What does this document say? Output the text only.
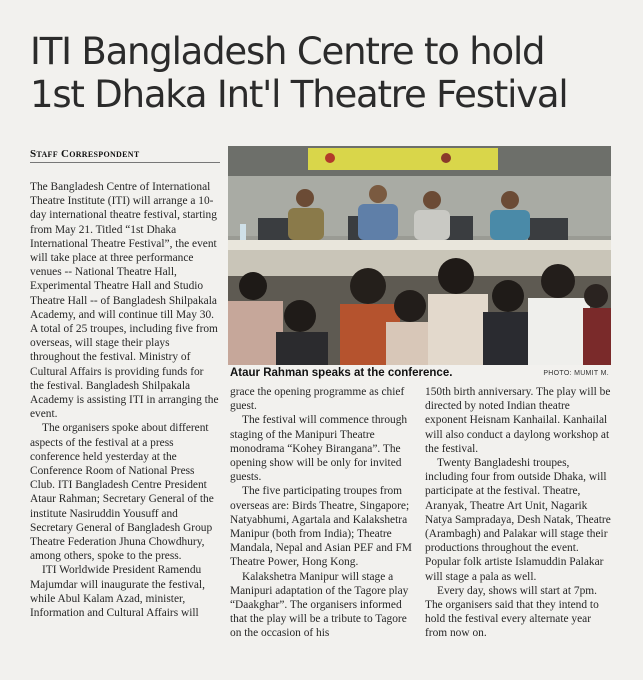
ITI Bangladesh Centre to hold
1st Dhaka Int'l Theatre Festival
Staff Correspondent

The Bangladesh Centre of International Theatre Institute (ITI) will arrange a 10-day international theatre festival, starting from May 21. Titled “1st Dhaka International Theatre Festival”, the event will take place at three performance venues -- National Theatre Hall, Experimental Theatre Hall and Studio Theatre Hall -- of Bangladesh Shilpakala Academy, and will continue till May 30. A total of 25 troupes, including five from overseas, will stage their plays throughout the festival. Ministry of Cultural Affairs is providing funds for the festival. Bangladesh Shilpakala Academy is assisting ITI in arranging the event.

The organisers spoke about different aspects of the festival at a press conference held yesterday at the Conference Room of National Press Club. ITI Bangladesh Centre President Ataur Rahman; Secretary General of the institute Nasiruddin Yousuff and Secretary General of Bangladesh Group Theatre Federation Jhuna Chowdhury, among others, spoke to the press.

ITI Worldwide President Ramendu Majumdar will inaugurate the festival, while Abul Kalam Azad, minister, Information and Cultural Affairs will

Ataur Rahman speaks at the conference.	PHOTO: MUMIT M.

grace the opening programme as chief guest.

The festival will commence through staging of the Manipuri Theatre monodrama “Kohey Birangana”. The opening show will be only for invited guests.

The five participating troupes from overseas are: Birds Theatre, Singapore; Natyabhumi, Agartala and Kalakshetra Manipur (both from India); Theatre Mandala, Nepal and Asian PEF and FM Theatre Power, Hong Kong.

Kalakshetra Manipur will stage a Manipuri adaptation of the Tagore play “Daakghar”. The organisers informed that the play will be a tribute to Tagore on the occasion of his

150th birth anniversary. The play will be directed by noted Indian theatre exponent Heisnam Kanhailal. Kanhailal will also conduct a daylong workshop at the festival.

Twenty Bangladeshi troupes, including four from outside Dhaka, will participate at the festival. Theatre, Aranyak, Theatre Art Unit, Nagarik Natya Sampradaya, Desh Natak, Theatre (Arambagh) and Palakar will stage their productions throughout the event. Popular folk artiste Islamuddin Palakar will stage a pala as well.

Every day, shows will start at 7pm. The organisers said that they intend to hold the festival every alternate year from now on.
